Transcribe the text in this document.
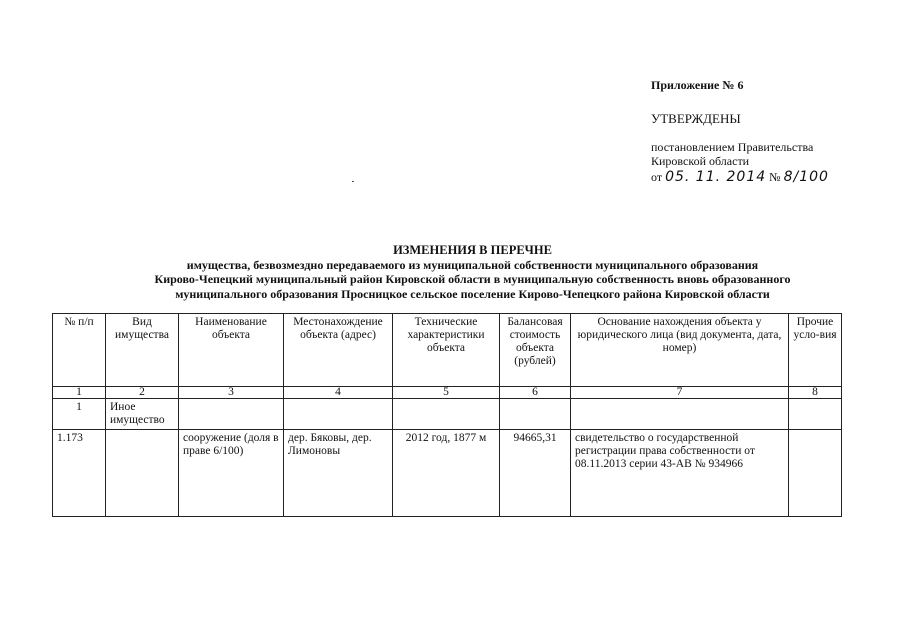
Приложение № 6
УТВЕРЖДЕНЫ
постановлением Правительства
Кировской области
от 05. 11. 2014 № 8/100
ИЗМЕНЕНИЯ В ПЕРЕЧНЕ
имущества, безвозмездно передаваемого из муниципальной собственности муниципального образования
Кирово-Чепецкий муниципальный район Кировской области в муниципальную собственность вновь образованного
муниципального образования Просницкое сельское поселение Кирово-Чепецкого района Кировской области
№ п/п	Вид имущества	Наименование объекта	Местонахождение объекта (адрес)	Технические характеристики объекта	Балансовая стоимость объекта (рублей)	Основание нахождения объекта у юридического лица (вид документа, дата, номер)	Прочие усло-вия
1	2	3	4	5	6	7	8
1	Иное имущество						
1.173		сооружение (доля в праве 6/100)	дер. Бяковы, дер. Лимоновы	2012 год, 1877 м	94665,31	свидетельство о государственной регистрации права собственности от 08.11.2013 серии 43-АВ № 934966	
